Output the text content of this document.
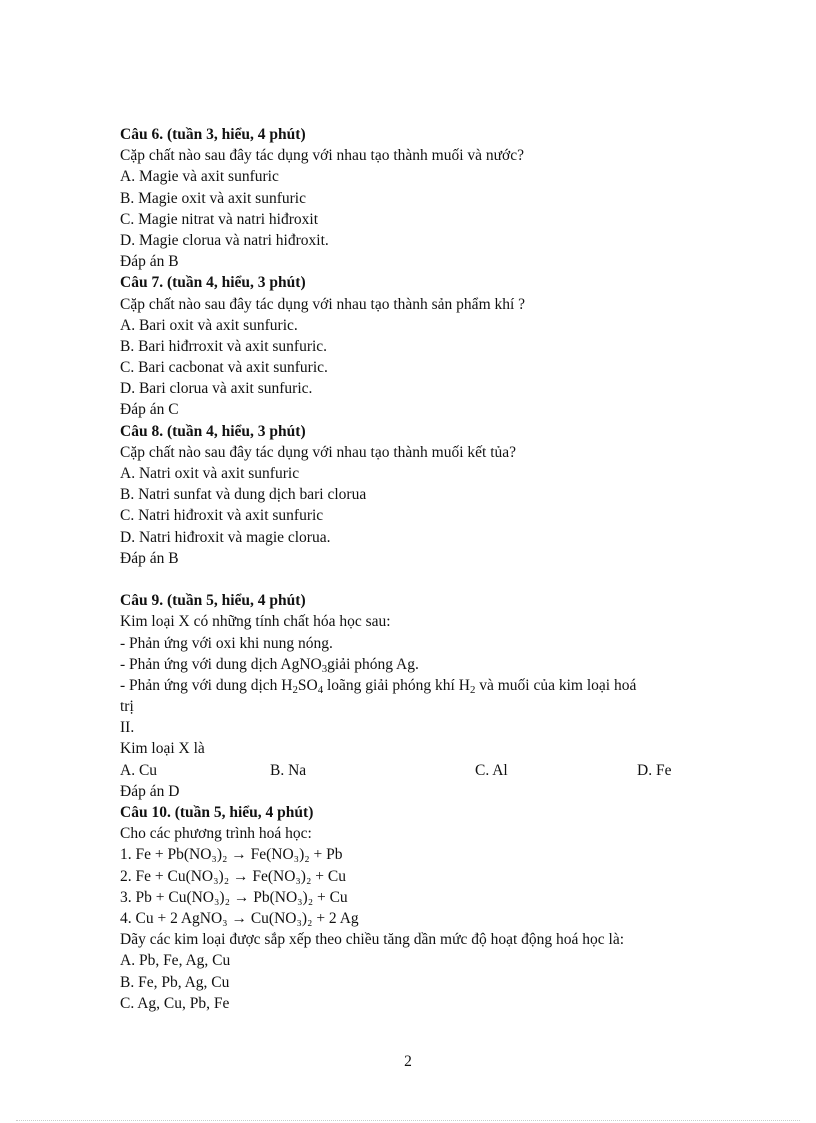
Câu 6. (tuần 3, hiểu, 4 phút)
Cặp chất nào sau đây tác dụng với nhau tạo thành muối và nước?
A. Magie và axit sunfuric
B. Magie oxit và axit sunfuric
C. Magie nitrat và natri hiđroxit
D. Magie clorua và natri hiđroxit.
Đáp án B
Câu 7. (tuần 4, hiểu, 3 phút)
Cặp chất nào sau đây tác dụng với nhau tạo thành sản phẩm khí ?
A. Bari oxit và axit sunfuric.
B. Bari hiđrroxit và axit sunfuric.
C. Bari cacbonat và axit sunfuric.
D. Bari clorua và axit sunfuric.
Đáp án C
Câu 8. (tuần 4, hiểu, 3 phút)
Cặp chất nào sau đây tác dụng với nhau tạo thành muối kết tủa?
A. Natri oxit và axit sunfuric
B. Natri sunfat và dung dịch bari clorua
C. Natri hiđroxit và axit sunfuric
D. Natri hiđroxit và magie clorua.
Đáp án B
Câu 9. (tuần 5, hiểu, 4 phút)
Kim loại X có những tính chất hóa học sau:
- Phản ứng với oxi khi nung nóng.
- Phản ứng với dung dịch AgNO$_3$giải phóng Ag.
- Phản ứng với dung dịch $H_2SO_4$ loãng giải phóng khí $H_2$ và muối của kim loại hoá
trị
II.
Kim loại X là
A. Cu	B. Na	C. Al	D. Fe
Đáp án D
Câu 10. (tuần 5, hiểu, 4 phút)
Cho các phương trình hoá học:
1. Fe + Pb(NO₃)₂ → Fe(NO₃)₂ + Pb
2. Fe + Cu(NO₃)₂ → Fe(NO₃)₂ + Cu
3. Pb + Cu(NO₃)₂ → Pb(NO₃)₂ + Cu
4. Cu + 2 AgNO₃ → Cu(NO₃)₂ + 2 Ag
Dãy các kim loại được sắp xếp theo chiều tăng dần mức độ hoạt động hoá học là:
A. Pb, Fe, Ag, Cu
B. Fe, Pb, Ag, Cu
C. Ag, Cu, Pb, Fe
2
